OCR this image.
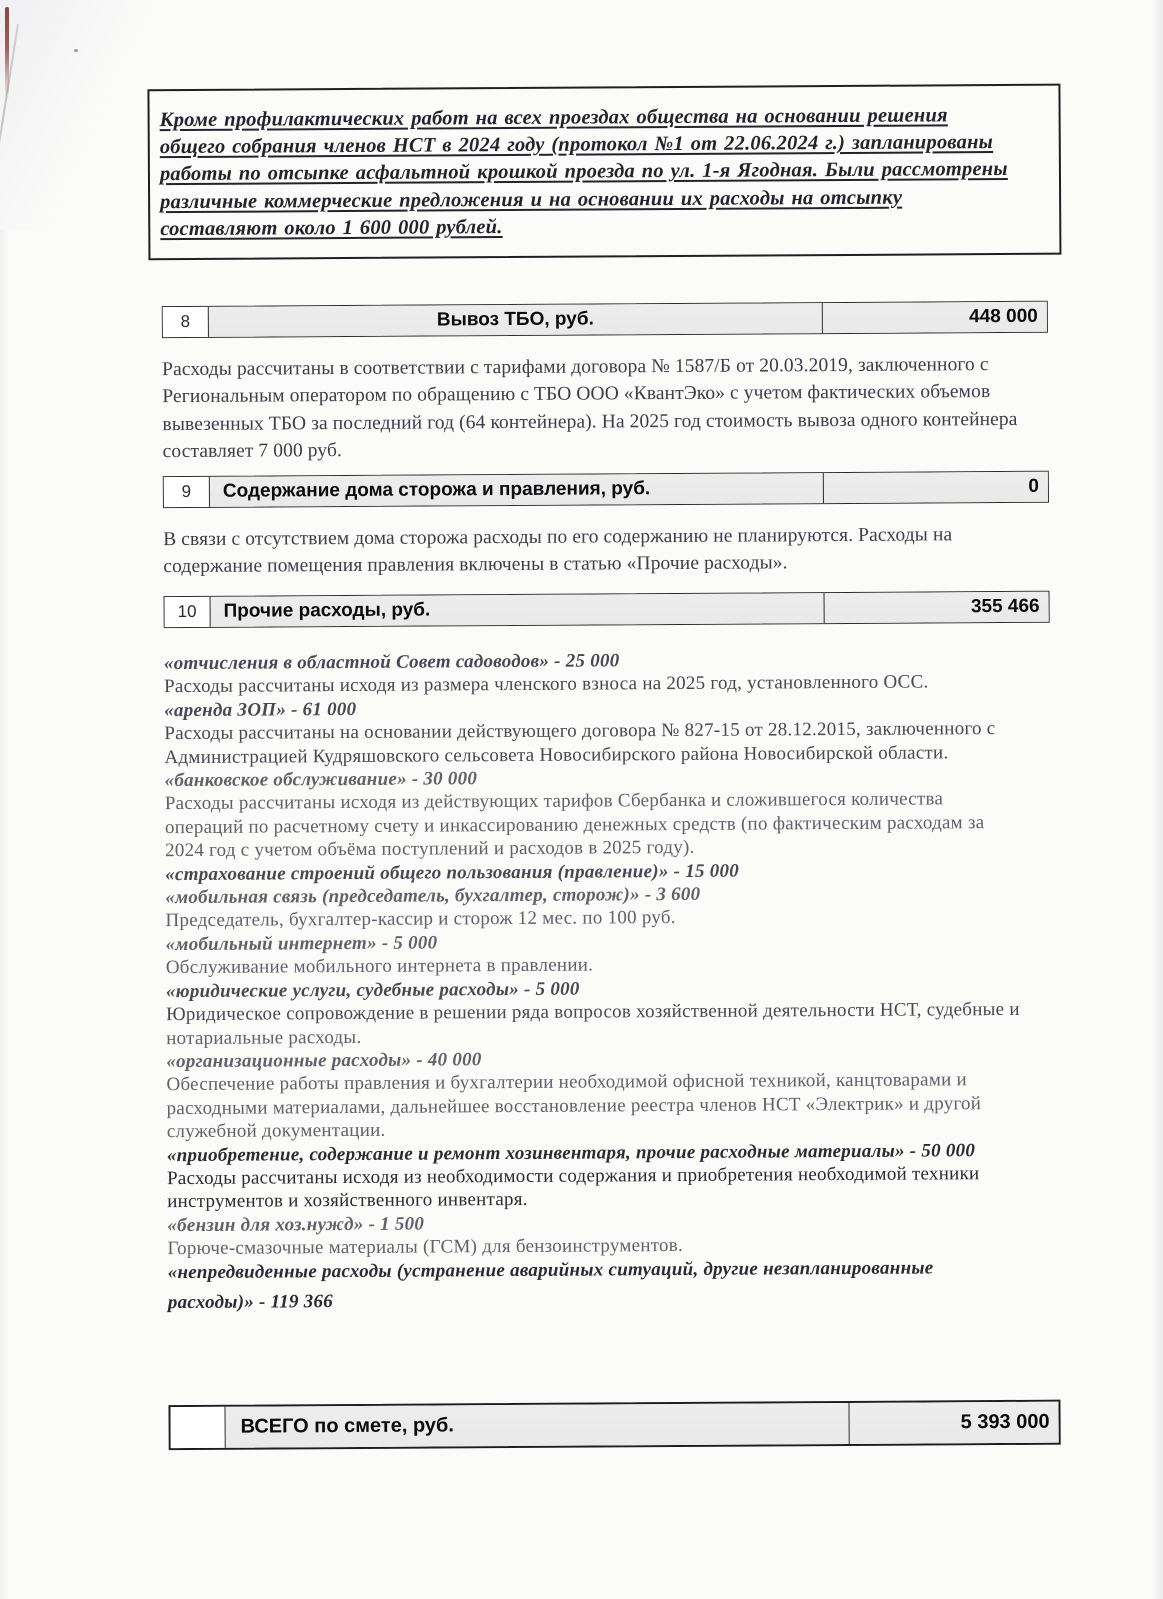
Кроме профилактических работ на всех проездах общества на основании решения
общего собрания членов НСТ в 2024 году (протокол №1 от 22.06.2024 г.) запланированы
работы по отсыпке асфальтной крошкой проезда по ул. 1-я Ягодная. Были рассмотрены
различные коммерческие предложения и на основании их расходы на отсыпку
составляют около 1 600 000 рублей.
8	Вывоз ТБО, руб.	448 000
Расходы рассчитаны в соответствии с тарифами договора № 1587/Б от 20.03.2019, заключенного с
Региональным оператором по обращению с ТБО ООО «КвантЭко» с учетом фактических объемов
вывезенных ТБО за последний год (64 контейнера). На 2025 год стоимость вывоза одного контейнера
составляет 7 000 руб.
9	Содержание дома сторожа и правления, руб.	0
В связи с отсутствием дома сторожа расходы по его содержанию не планируются. Расходы на
содержание помещения правления включены в статью «Прочие расходы».
10	Прочие расходы, руб.	355 466
«отчисления в областной Совет садоводов» - 25 000
Расходы рассчитаны исходя из размера членского взноса на 2025 год, установленного ОСС.
«аренда ЗОП» - 61 000
Расходы рассчитаны на основании действующего договора № 827-15 от 28.12.2015, заключенного с
Администрацией Кудряшовского сельсовета Новосибирского района Новосибирской области.
«банковское обслуживание» - 30 000
Расходы рассчитаны исходя из действующих тарифов Сбербанка и сложившегося количества
операций по расчетному счету и инкассированию денежных средств (по фактическим расходам за
2024 год с учетом объёма поступлений и расходов в 2025 году).
«страхование строений общего пользования (правление)» - 15 000
«мобильная связь (председатель, бухгалтер, сторож)» - 3 600
Председатель, бухгалтер-кассир и сторож 12 мес. по 100 руб.
«мобильный интернет» - 5 000
Обслуживание мобильного интернета в правлении.
«юридические услуги, судебные расходы» - 5 000
Юридическое сопровождение в решении ряда вопросов хозяйственной деятельности НСТ, судебные и
нотариальные расходы.
«организационные расходы» - 40 000
Обеспечение работы правления и бухгалтерии необходимой офисной техникой, канцтоварами и
расходными материалами, дальнейшее восстановление реестра членов НСТ «Электрик» и другой
служебной документации.
«приобретение, содержание и ремонт хозинвентаря, прочие расходные материалы» - 50 000
Расходы рассчитаны исходя из необходимости содержания и приобретения необходимой техники
инструментов и хозяйственного инвентаря.
«бензин для хоз.нужд» - 1 500
Горюче-смазочные материалы (ГСМ) для бензоинструментов.
«непредвиденные расходы (устранение аварийных ситуаций, другие незапланированные
расходы)» - 119 366
ВСЕГО по смете, руб.	5 393 000
